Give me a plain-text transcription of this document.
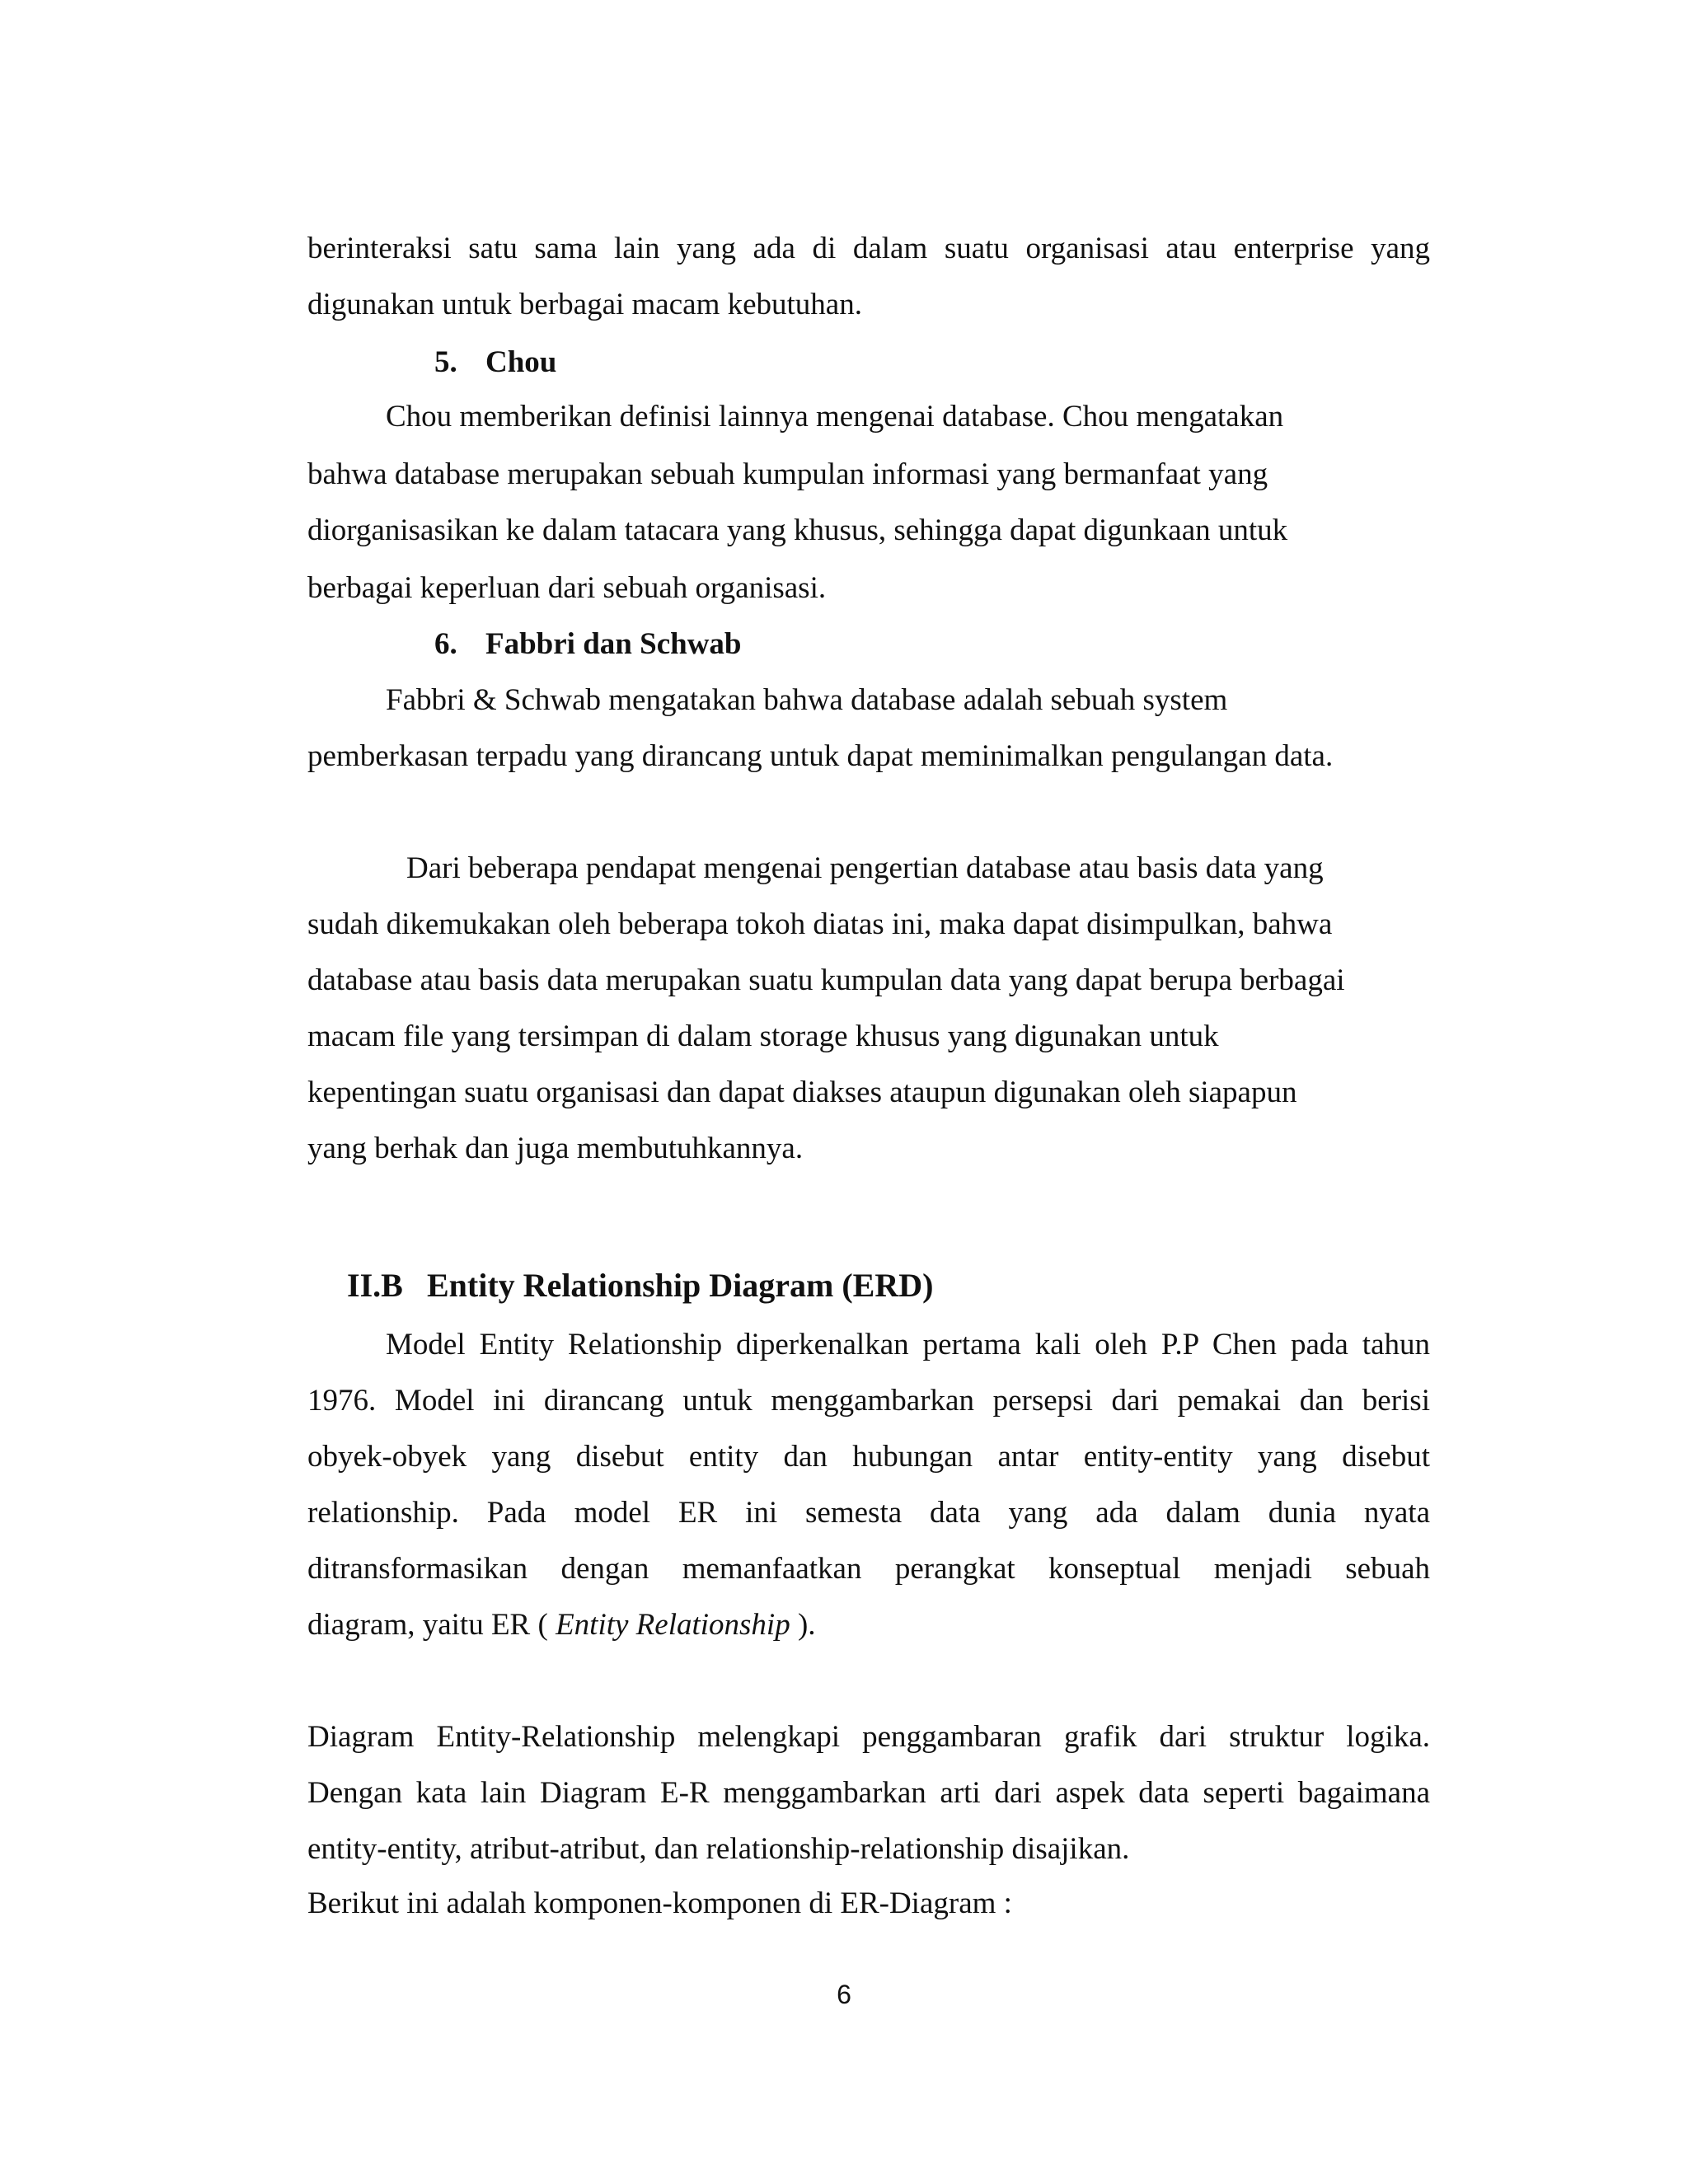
berinteraksi satu sama lain yang ada di dalam suatu organisasi atau enterprise yang
digunakan untuk berbagai macam kebutuhan.
5. Chou
Chou memberikan definisi lainnya mengenai database. Chou mengatakan
bahwa database merupakan sebuah kumpulan informasi yang bermanfaat yang
diorganisasikan ke dalam tatacara yang khusus, sehingga dapat digunkaan untuk
berbagai keperluan dari sebuah organisasi.
6. Fabbri dan Schwab
Fabbri & Schwab mengatakan bahwa database adalah sebuah system
pemberkasan terpadu yang dirancang untuk dapat meminimalkan pengulangan data.
Dari beberapa pendapat mengenai pengertian database atau basis data yang
sudah dikemukakan oleh beberapa tokoh diatas ini, maka dapat disimpulkan, bahwa
database atau basis data merupakan suatu kumpulan data yang dapat berupa berbagai
macam file yang tersimpan di dalam storage khusus yang digunakan untuk
kepentingan suatu organisasi dan dapat diakses ataupun digunakan oleh siapapun
yang berhak dan juga membutuhkannya.
II.B Entity Relationship Diagram (ERD)
Model Entity Relationship diperkenalkan pertama kali oleh P.P Chen pada tahun
1976. Model ini dirancang untuk menggambarkan persepsi dari pemakai dan berisi
obyek-obyek yang disebut entity dan hubungan antar entity-entity yang disebut
relationship. Pada model ER ini semesta data yang ada dalam dunia nyata
ditransformasikan dengan memanfaatkan perangkat konseptual menjadi sebuah
diagram, yaitu ER ( Entity Relationship ).
Diagram Entity-Relationship melengkapi penggambaran grafik dari struktur logika.
Dengan kata lain Diagram E-R menggambarkan arti dari aspek data seperti bagaimana
entity-entity, atribut-atribut, dan relationship-relationship disajikan.
Berikut ini adalah komponen-komponen di ER-Diagram :
6
